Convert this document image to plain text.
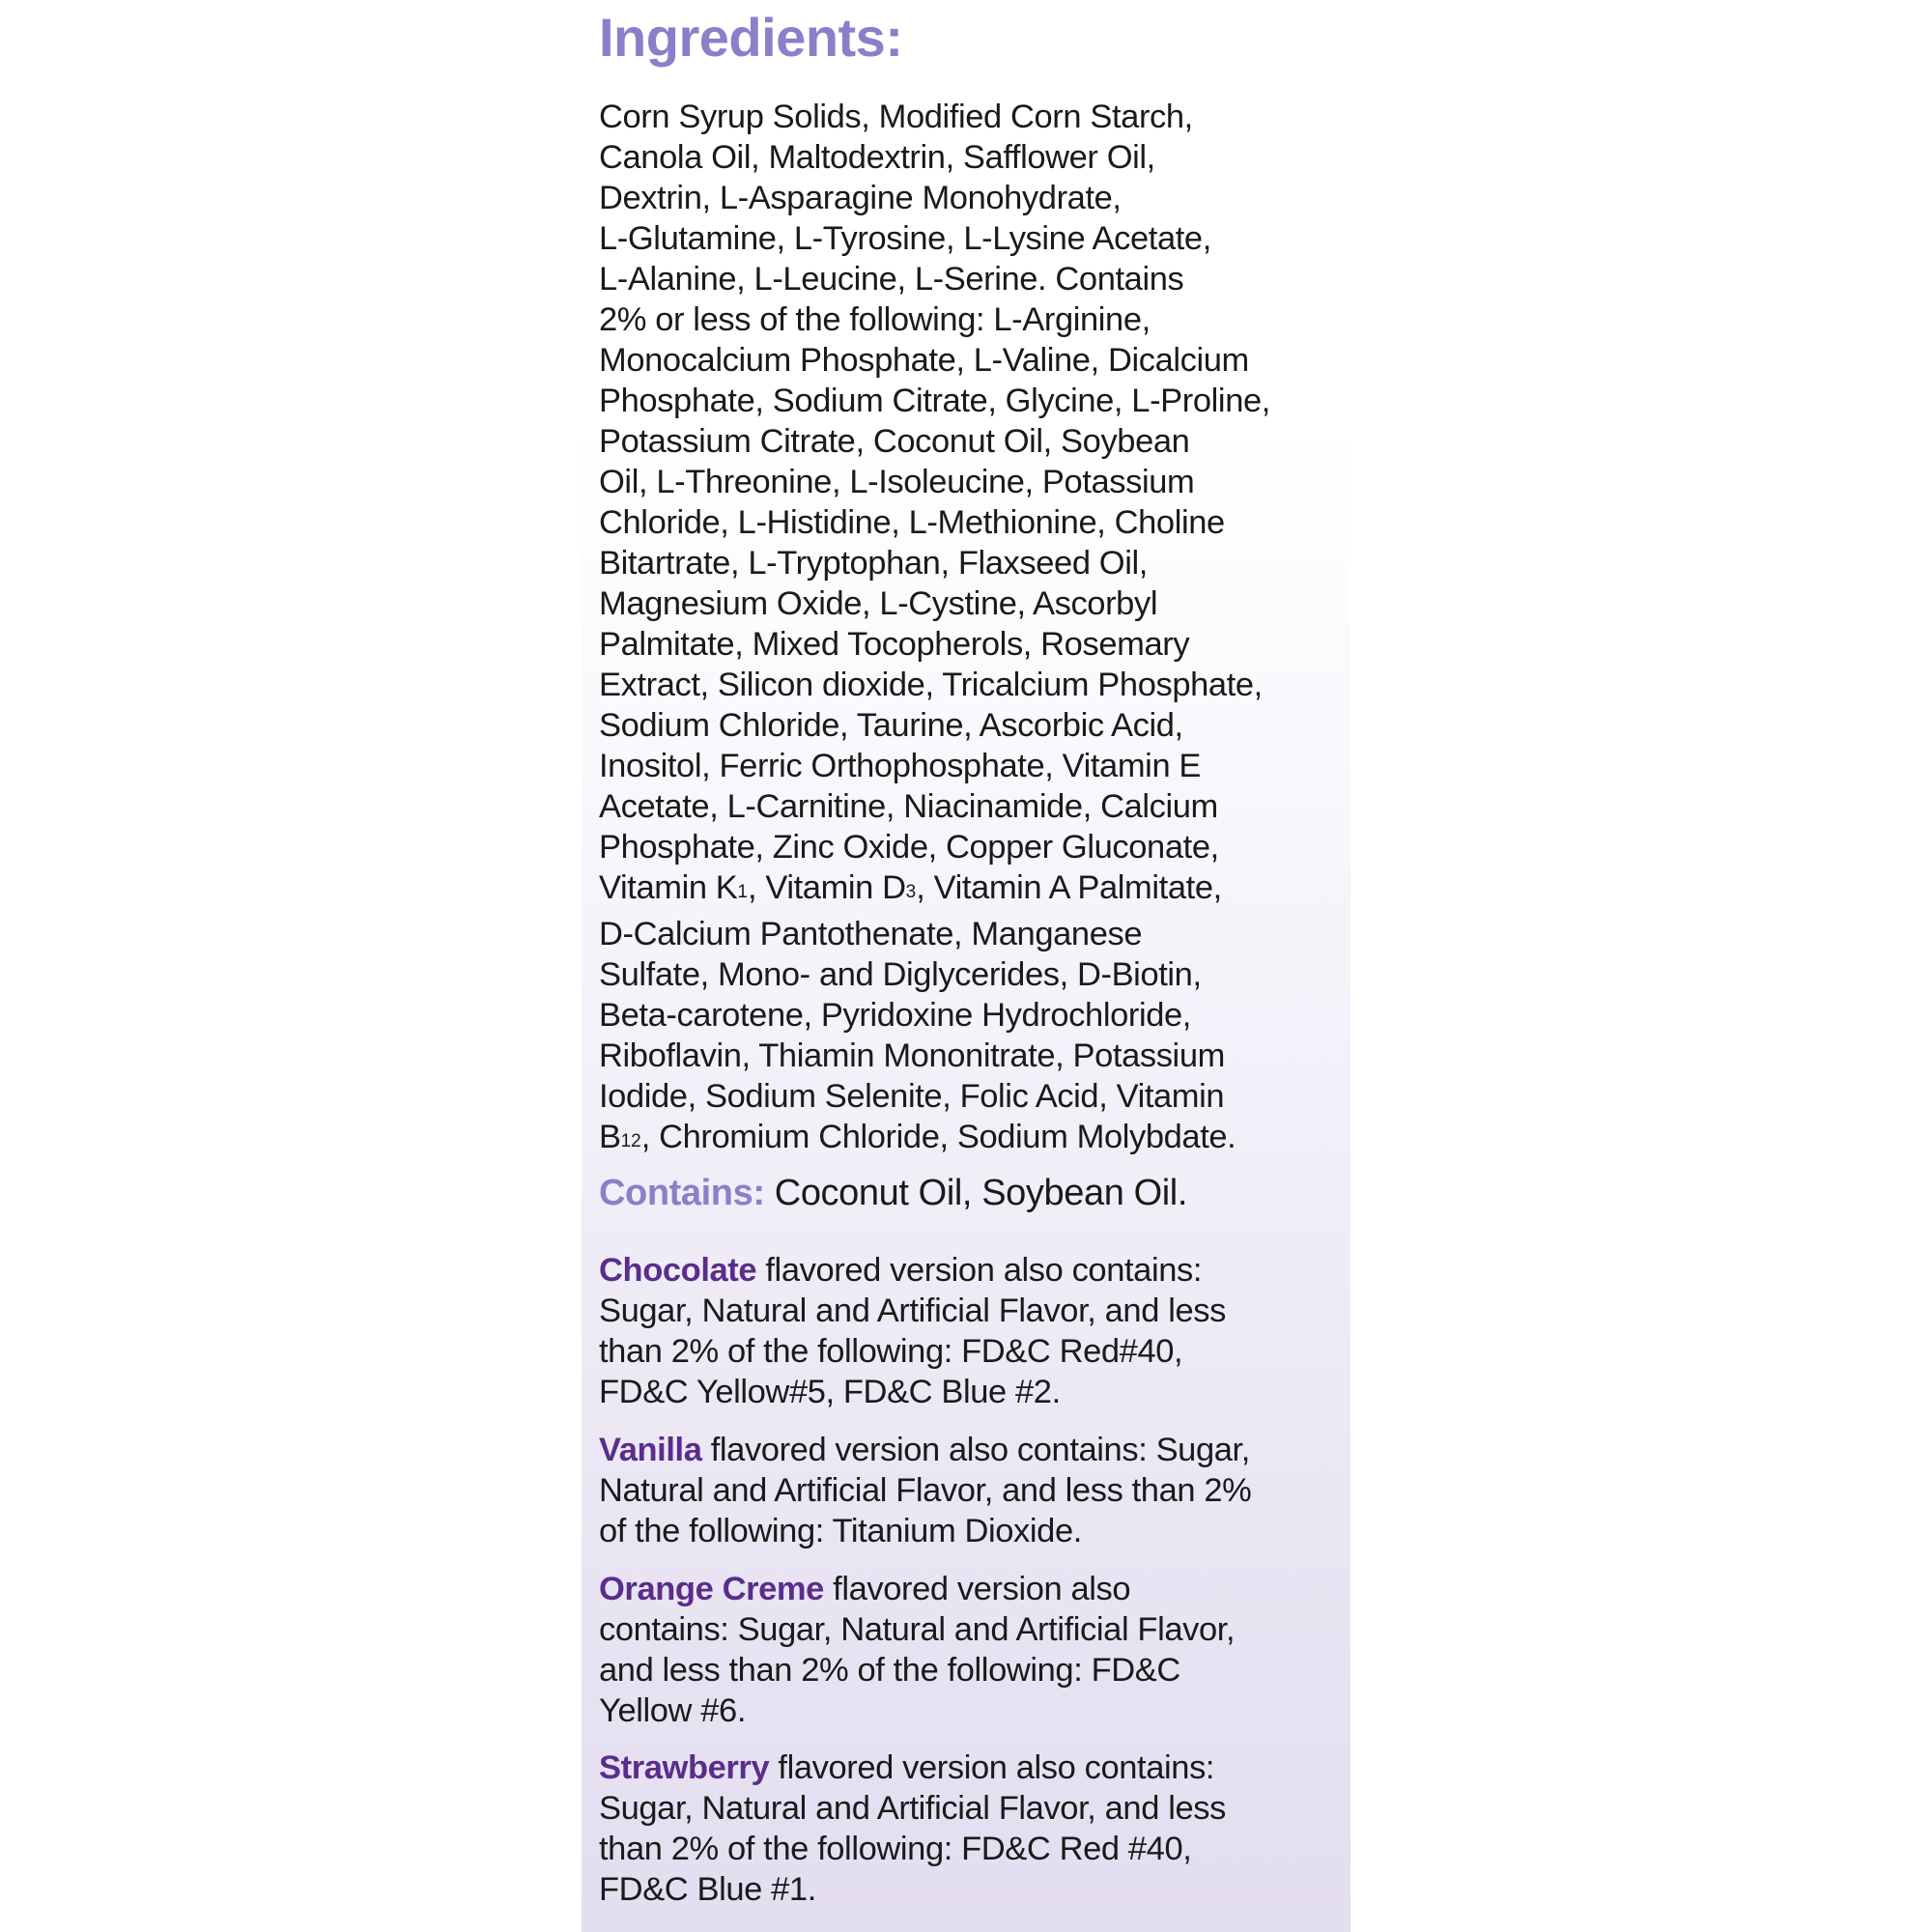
Ingredients:
Corn Syrup Solids, Modified Corn Starch,
Canola Oil, Maltodextrin, Safflower Oil,
Dextrin, L-Asparagine Monohydrate,
L-Glutamine, L-Tyrosine, L-Lysine Acetate,
L-Alanine, L-Leucine, L-Serine. Contains
2% or less of the following: L-Arginine,
Monocalcium Phosphate, L-Valine, Dicalcium
Phosphate, Sodium Citrate, Glycine, L-Proline,
Potassium Citrate, Coconut Oil, Soybean
Oil, L-Threonine, L-Isoleucine, Potassium
Chloride, L-Histidine, L-Methionine, Choline
Bitartrate, L-Tryptophan, Flaxseed Oil,
Magnesium Oxide, L-Cystine, Ascorbyl
Palmitate, Mixed Tocopherols, Rosemary
Extract, Silicon dioxide, Tricalcium Phosphate,
Sodium Chloride, Taurine, Ascorbic Acid,
Inositol, Ferric Orthophosphate, Vitamin E
Acetate, L-Carnitine, Niacinamide, Calcium
Phosphate, Zinc Oxide, Copper Gluconate,
Vitamin $K_1$, Vitamin $D_3$, Vitamin A Palmitate,
D-Calcium Pantothenate, Manganese
Sulfate, Mono- and Diglycerides, D-Biotin,
Beta-carotene, Pyridoxine Hydrochloride,
Riboflavin, Thiamin Mononitrate, Potassium
Iodide, Sodium Selenite, Folic Acid, Vitamin
$B_{12}$, Chromium Chloride, Sodium Molybdate.
Contains: Coconut Oil, Soybean Oil.
Chocolate flavored version also contains:
Sugar, Natural and Artificial Flavor, and less
than 2% of the following: FD&C Red#40,
FD&C Yellow#5, FD&C Blue #2.
Vanilla flavored version also contains: Sugar,
Natural and Artificial Flavor, and less than 2%
of the following: Titanium Dioxide.
Orange Creme flavored version also
contains: Sugar, Natural and Artificial Flavor,
and less than 2% of the following: FD&C
Yellow #6.
Strawberry flavored version also contains:
Sugar, Natural and Artificial Flavor, and less
than 2% of the following: FD&C Red #40,
FD&C Blue #1.
